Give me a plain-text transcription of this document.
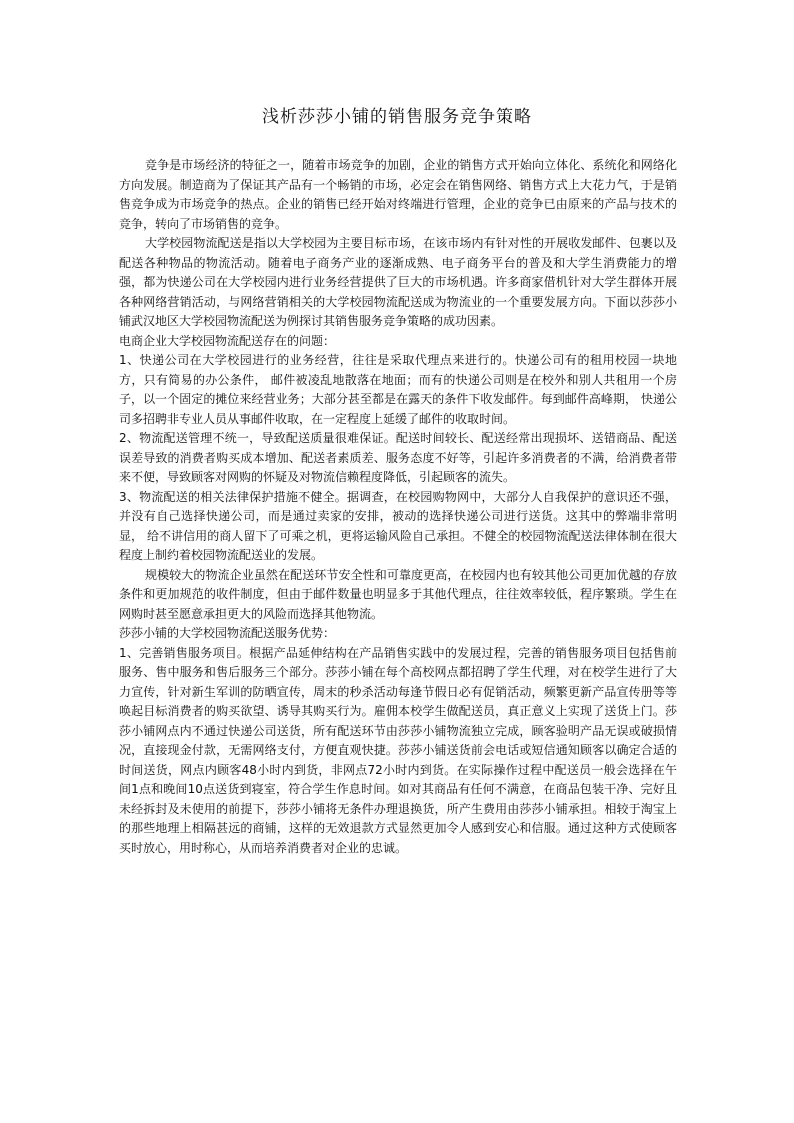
浅析莎莎小铺的销售服务竞争策略

竞争是市场经济的特征之一，随着市场竞争的加剧，企业的销售方式开始向立体化、系统化和网络化方向发展。制造商为了保证其产品有一个畅销的市场，必定会在销售网络、销售方式上大花力气，于是销售竞争成为市场竞争的热点。企业的销售已经开始对终端进行管理，企业的竞争已由原来的产品与技术的竞争，转向了市场销售的竞争。

大学校园物流配送是指以大学校园为主要目标市场，在该市场内有针对性的开展收发邮件、包裹以及配送各种物品的物流活动。随着电子商务产业的逐渐成熟、电子商务平台的普及和大学生消费能力的增强，都为快递公司在大学校园内进行业务经营提供了巨大的市场机遇。许多商家借机针对大学生群体开展各种网络营销活动，与网络营销相关的大学校园物流配送成为物流业的一个重要发展方向。下面以莎莎小铺武汉地区大学校园物流配送为例探讨其销售服务竞争策略的成功因素。

电商企业大学校园物流配送存在的问题：

1、快递公司在大学校园进行的业务经营，往往是采取代理点来进行的。快递公司有的租用校园一块地方，只有简易的办公条件， 邮件被凌乱地散落在地面；而有的快递公司则是在校外和别人共租用一个房子，以一个固定的摊位来经营业务；大部分甚至都是在露天的条件下收发邮件。每到邮件高峰期， 快递公司多招聘非专业人员从事邮件收取，在一定程度上延缓了邮件的收取时间。

2、物流配送管理不统一，导致配送质量很难保证。配送时间较长、配送经常出现损坏、送错商品、配送误差导致的消费者购买成本增加、配送者素质差、服务态度不好等，引起许多消费者的不满，给消费者带来不便，导致顾客对网购的怀疑及对物流信赖程度降低，引起顾客的流失。

3、物流配送的相关法律保护措施不健全。据调查，在校园购物网中，大部分人自我保护的意识还不强，并没有自己选择快递公司，而是通过卖家的安排，被动的选择快递公司进行送货。这其中的弊端非常明显， 给不讲信用的商人留下了可乘之机，更将运输风险自己承担。不健全的校园物流配送法律体制在很大程度上制约着校园物流配送业的发展。

规模较大的物流企业虽然在配送环节安全性和可靠度更高，在校园内也有较其他公司更加优越的存放条件和更加规范的收件制度，但由于邮件数量也明显多于其他代理点，往往效率较低，程序繁琐。学生在网购时甚至愿意承担更大的风险而选择其他物流。

莎莎小铺的大学校园物流配送服务优势：

1、完善销售服务项目。根据产品延伸结构在产品销售实践中的发展过程，完善的销售服务项目包括售前服务、售中服务和售后服务三个部分。莎莎小铺在每个高校网点都招聘了学生代理，对在校学生进行了大力宣传，针对新生军训的防晒宣传，周末的秒杀活动每逢节假日必有促销活动，频繁更新产品宣传册等等唤起目标消费者的购买欲望、诱导其购买行为。雇佣本校学生做配送员，真正意义上实现了送货上门。莎莎小铺网点内不通过快递公司送货，所有配送环节由莎莎小铺物流独立完成，顾客验明产品无误或破损情况，直接现金付款，无需网络支付，方便直观快捷。莎莎小铺送货前会电话或短信通知顾客以确定合适的时间送货，网点内顾客48小时内到货，非网点72小时内到货。在实际操作过程中配送员一般会选择在午间1点和晚间10点送货到寝室，符合学生作息时间。如对其商品有任何不满意，在商品包装干净、完好且未经拆封及未使用的前提下，莎莎小铺将无条件办理退换货，所产生费用由莎莎小铺承担。相较于淘宝上的那些地理上相隔甚远的商铺，这样的无效退款方式显然更加令人感到安心和信服。通过这种方式使顾客买时放心，用时称心，从而培养消费者对企业的忠诚。
